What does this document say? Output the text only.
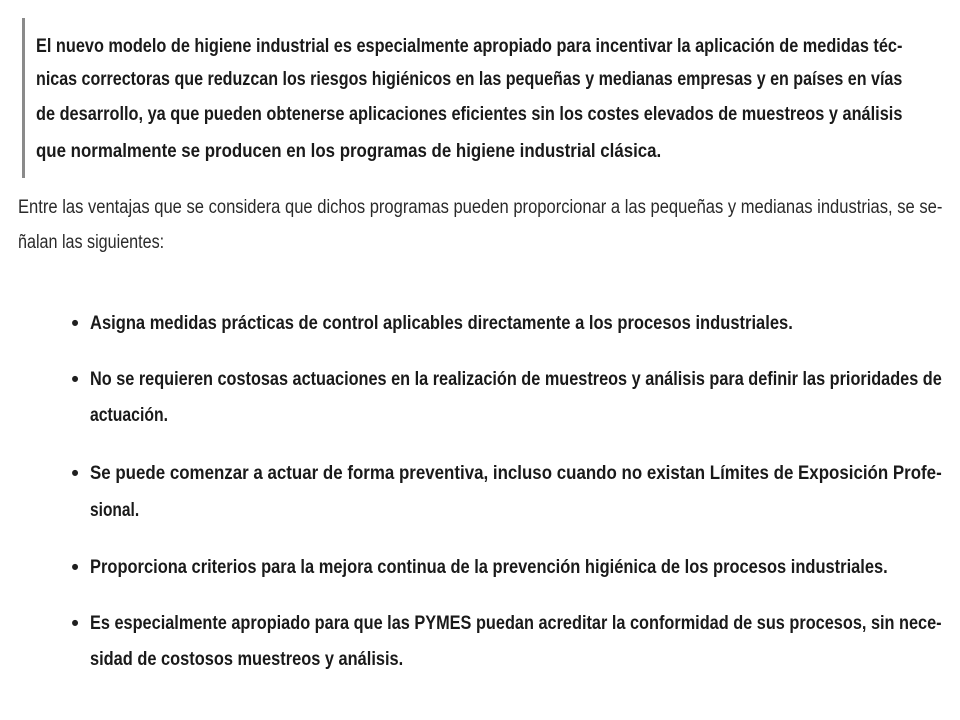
El nuevo modelo de higiene industrial es especialmente apropiado para incentivar la aplicación de medidas téc-
nicas correctoras que reduzcan los riesgos higiénicos en las pequeñas y medianas empresas y en países en vías
de desarrollo, ya que pueden obtenerse aplicaciones eficientes sin los costes elevados de muestreos y análisis
que normalmente se producen en los programas de higiene industrial clásica.
Entre las ventajas que se considera que dichos programas pueden proporcionar a las pequeñas y medianas industrias, se se-
ñalan las siguientes:
• Asigna medidas prácticas de control aplicables directamente a los procesos industriales.
• No se requieren costosas actuaciones en la realización de muestreos y análisis para definir las prioridades de
actuación.
• Se puede comenzar a actuar de forma preventiva, incluso cuando no existan Límites de Exposición Profe-
sional.
• Proporciona criterios para la mejora continua de la prevención higiénica de los procesos industriales.
• Es especialmente apropiado para que las PYMES puedan acreditar la conformidad de sus procesos, sin nece-
sidad de costosos muestreos y análisis.
